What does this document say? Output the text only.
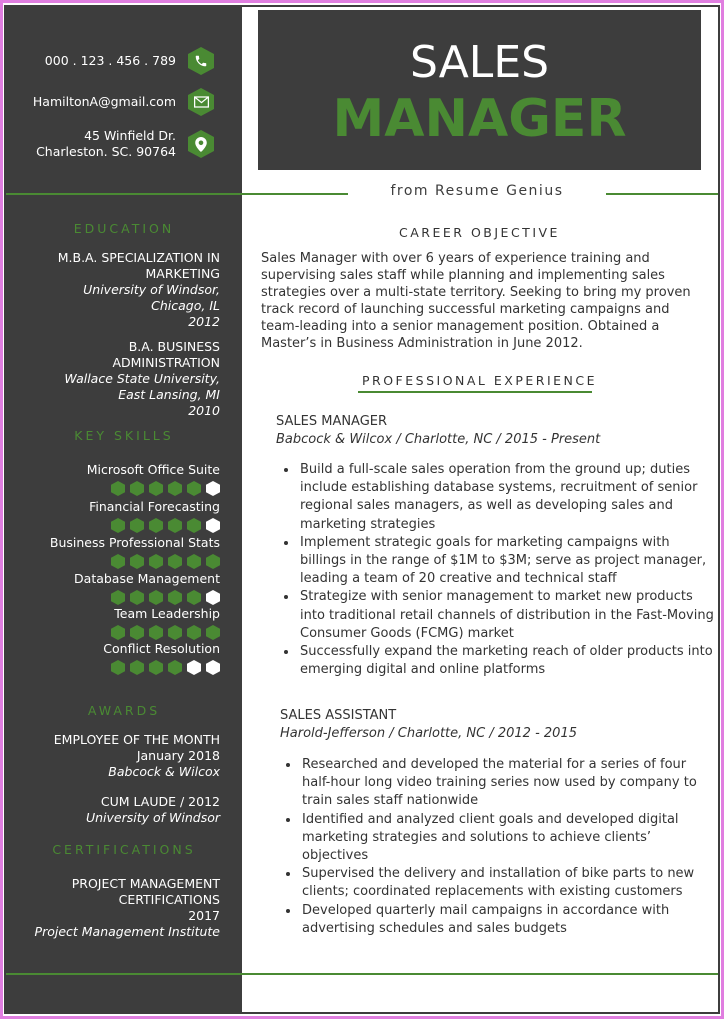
000 . 123 . 456 . 789
HamiltonA@gmail.com
45 Winfield Dr.
Charleston. SC. 90764
EDUCATION
M.B.A. SPECIALIZATION IN MARKETING
University of Windsor,
Chicago, IL
2012
B.A. BUSINESS ADMINISTRATION
Wallace State University,
East Lansing, MI
2010
KEY SKILLS
Microsoft Office Suite
Financial Forecasting
Business Professional Stats
Database Management
Team Leadership
Conflict Resolution
AWARDS
EMPLOYEE OF THE MONTH
January 2018
Babcock & Wilcox
CUM LAUDE / 2012
University of Windsor
CERTIFICATIONS
PROJECT MANAGEMENT CERTIFICATIONS
2017
Project Management Institute
SALES
MANAGER
from Resume Genius
CAREER OBJECTIVE
Sales Manager with over 6 years of experience training and supervising sales staff while planning and implementing sales strategies over a multi-state territory. Seeking to bring my proven track record of launching successful marketing campaigns and team-leading into a senior management position. Obtained a Master’s in Business Administration in June 2012.
PROFESSIONAL EXPERIENCE
SALES MANAGER
Babcock & Wilcox / Charlotte, NC / 2015 - Present
• Build a full-scale sales operation from the ground up; duties include establishing database systems, recruitment of senior regional sales managers, as well as developing sales and marketing strategies
• Implement strategic goals for marketing campaigns with billings in the range of $1M to $3M; serve as project manager, leading a team of 20 creative and technical staff
• Strategize with senior management to market new products into traditional retail channels of distribution in the Fast-Moving Consumer Goods (FCMG) market
• Successfully expand the marketing reach of older products into emerging digital and online platforms
SALES ASSISTANT
Harold-Jefferson / Charlotte, NC / 2012 - 2015
• Researched and developed the material for a series of four half-hour long video training series now used by company to train sales staff nationwide
• Identified and analyzed client goals and developed digital marketing strategies and solutions to achieve clients’ objectives
• Supervised the delivery and installation of bike parts to new clients; coordinated replacements with existing customers
• Developed quarterly mail campaigns in accordance with advertising schedules and sales budgets
